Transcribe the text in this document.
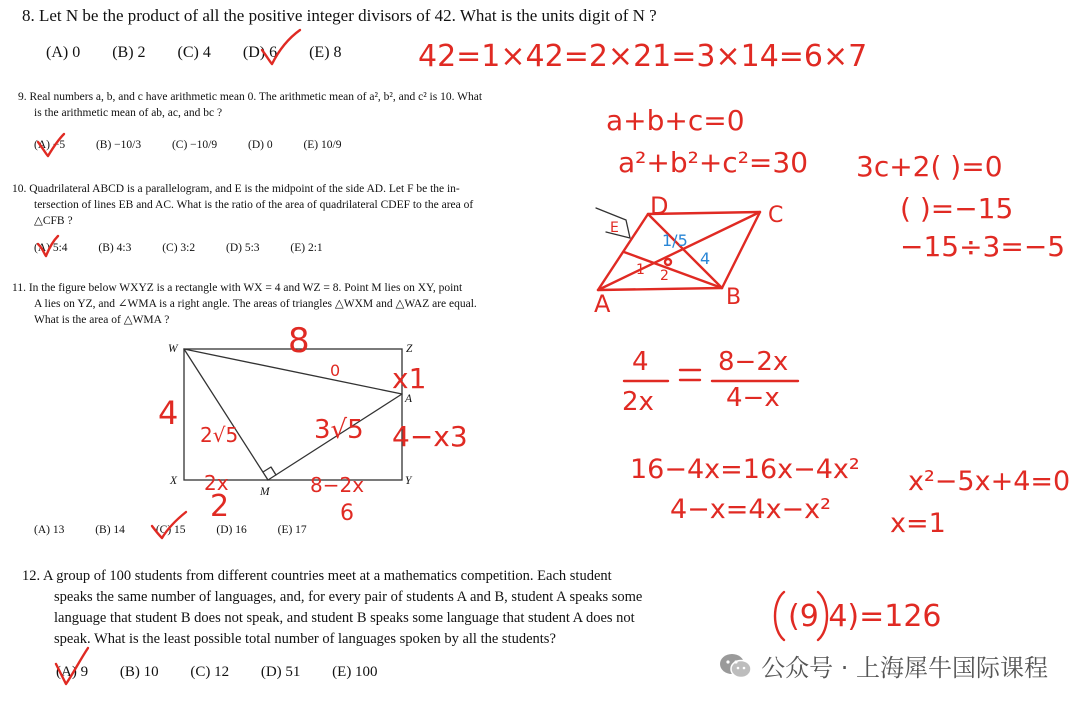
8. Let N be the product of all the positive integer divisors of 42. What is the units digit of N ?
(A) 0 (B) 2 (C) 4 (D) 6 (E) 8
9. Real numbers a, b, and c have arithmetic mean 0. The arithmetic mean of a², b², and c² is 10. What
is the arithmetic mean of ab, ac, and bc ?
(A) −5	(B) −10/3	(C) −10/9	(D) 0	(E) 10/9
10. Quadrilateral ABCD is a parallelogram, and E is the midpoint of the side AD. Let F be the in-
tersection of lines EB and AC. What is the ratio of the area of quadrilateral CDEF to the area of
△CFB ?
(A) 5:4	(B) 4:3	(C) 3:2	(D) 5:3	(E) 2:1
11. In the figure below WXYZ is a rectangle with WX = 4 and WZ = 8. Point M lies on XY, point
A lies on YZ, and ∠WMA is a right angle. The areas of triangles △WXM and △WAZ are equal.
What is the area of △WMA ?
W	Z
A
X	Y
M
(A) 13	(B) 14	(C) 15	(D) 16	(E) 17
12. A group of 100 students from different countries meet at a mathematics competition. Each student
speaks the same number of languages, and, for every pair of students A and B, student A speaks some
language that student B does not speak, and student B speaks some language that student A does not
speak. What is the least possible total number of languages spoken by all the students?
(A) 9 (B) 10 (C) 12 (D) 51 (E) 100
D	C
A	B
E
1/5
4
1 2
42=1×42=2×21=3×14=6×7
a+b+c=0
a²+b²+c²=30 3c+2( )=0
( )=−15
−15÷3=−5
4
2x
8−2x
4−x
16−4x=16x−4x²
4−x=4x−x²
x²−5x+4=0
x=1
8
0 x1
4
4−x3
2√5	3√5
2x
2
8−2x
6
(9 4)=126
公众号 · 上海犀牛国际课程
